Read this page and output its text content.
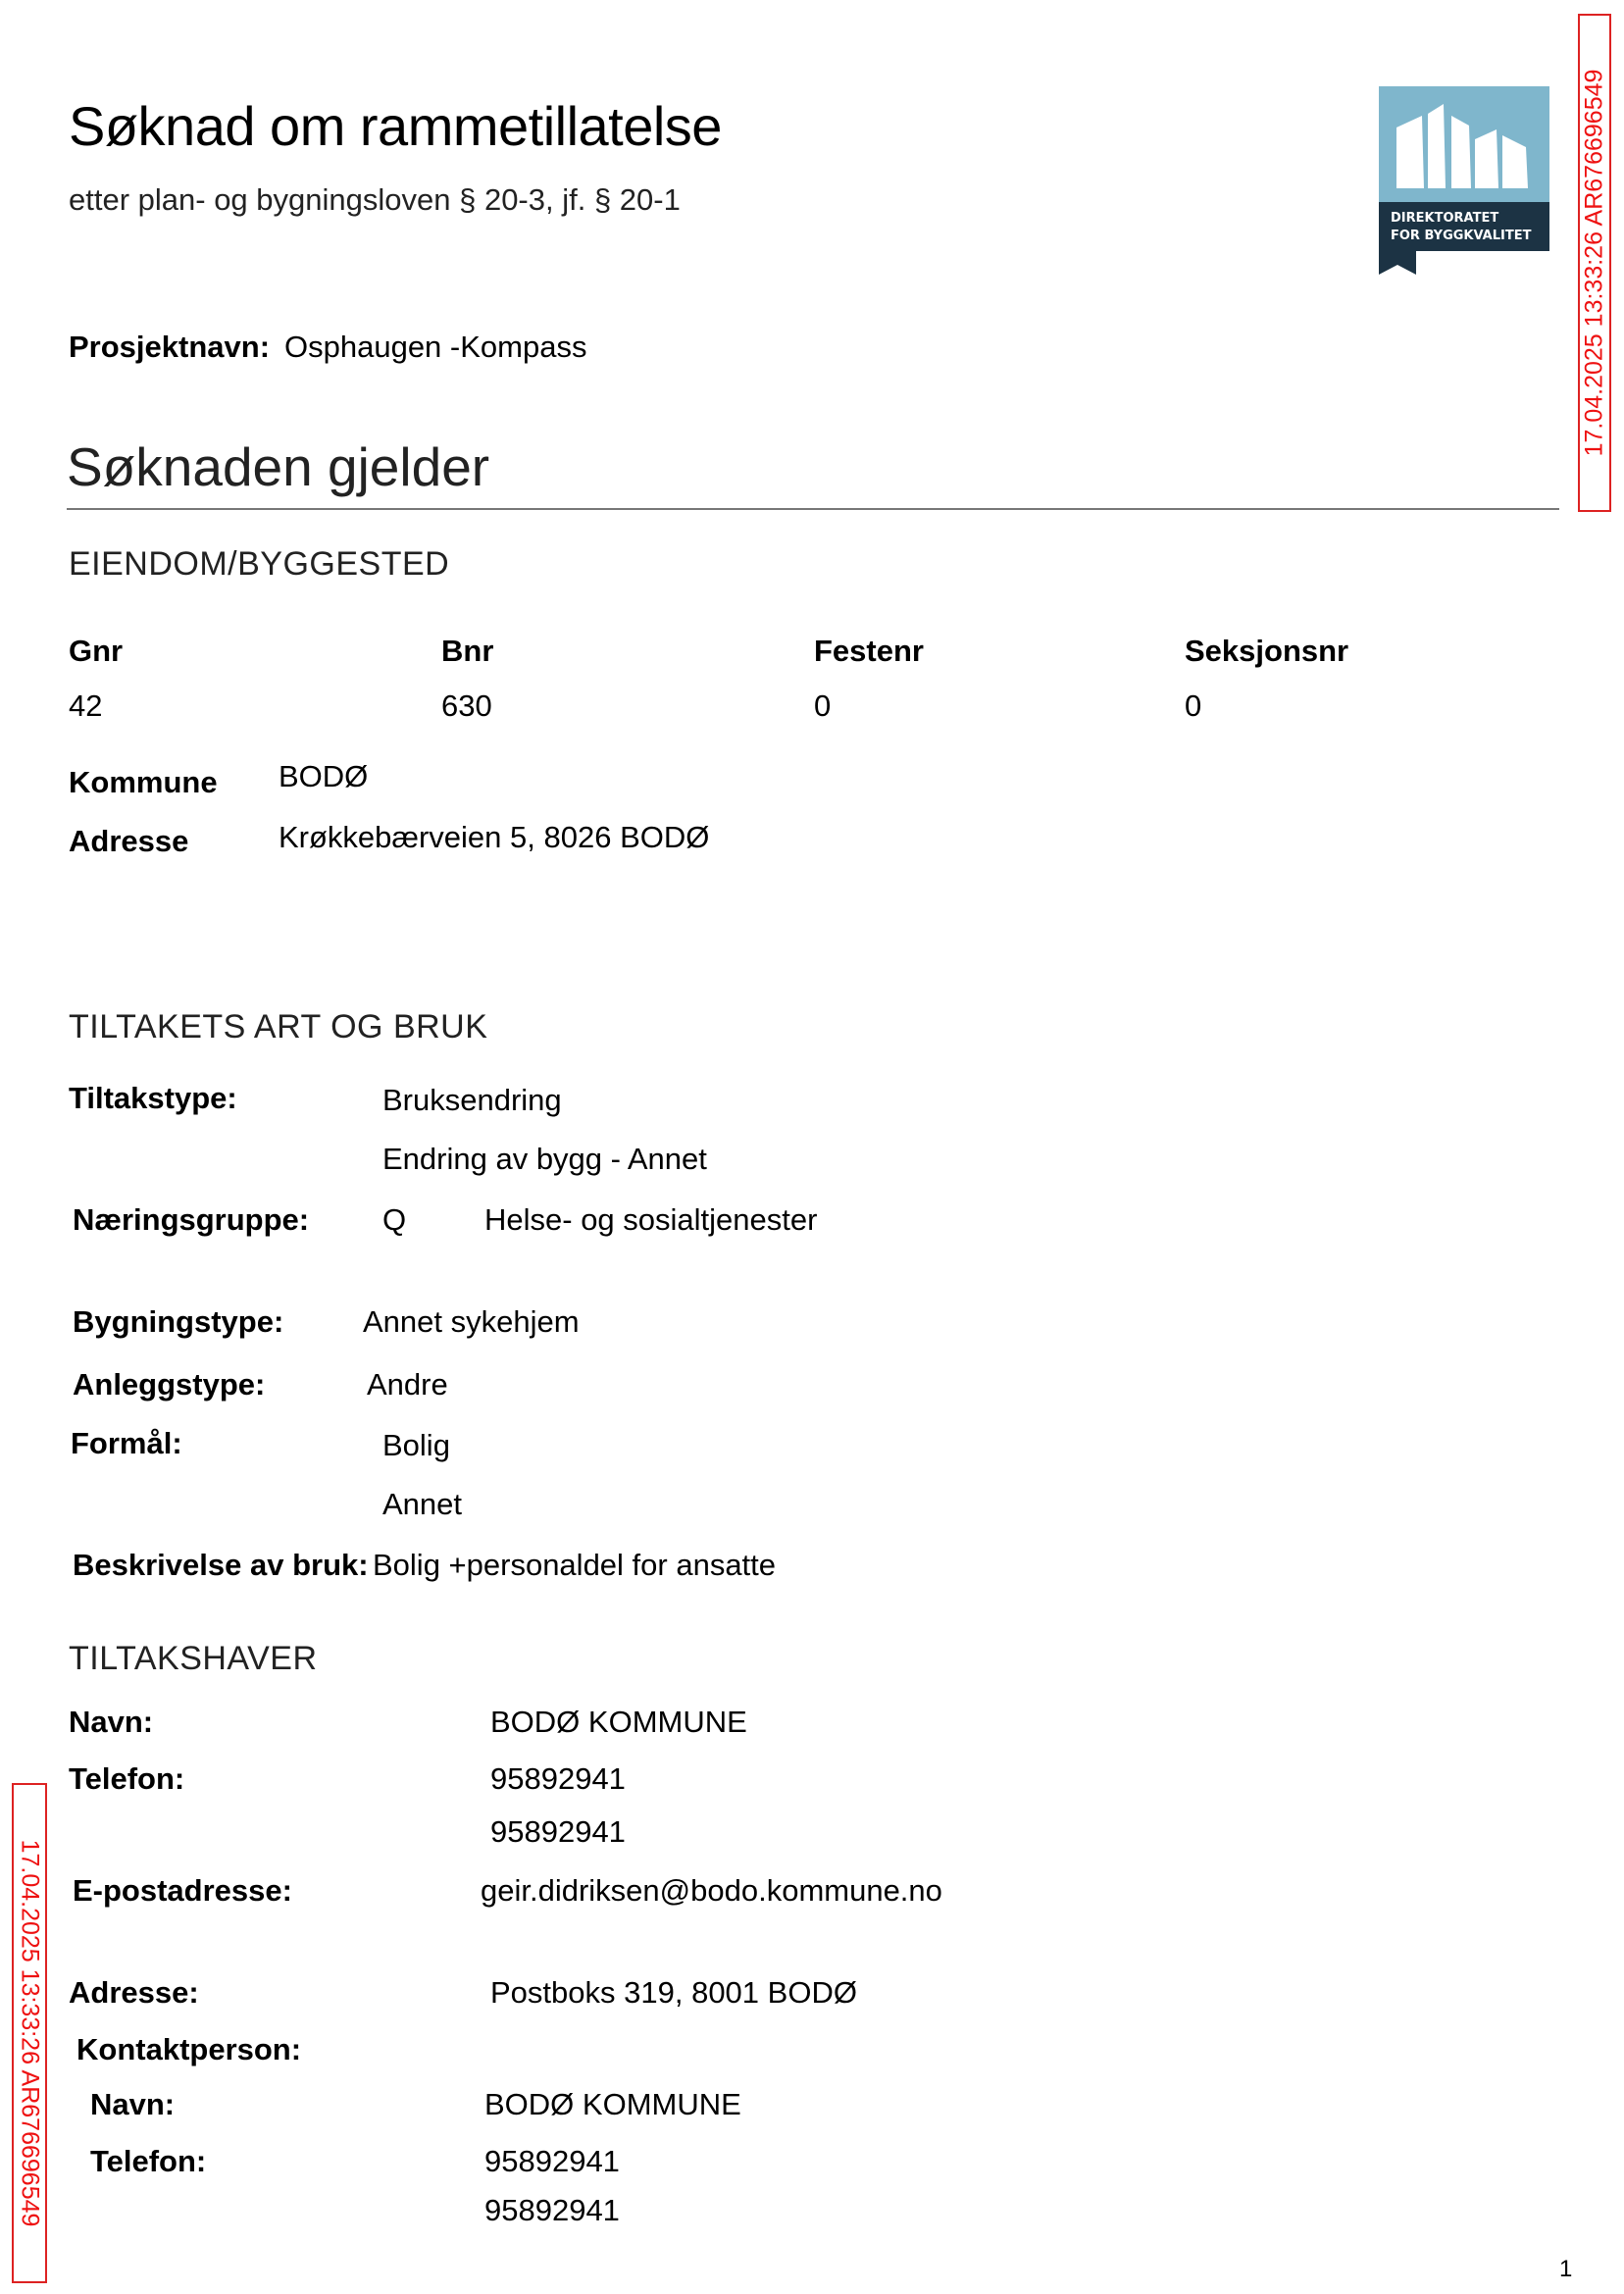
Søknad om rammetillatelse
etter plan- og bygningsloven § 20-3, jf. § 20-1
DIREKTORATET
FOR BYGGKVALITET 17.04.2025 13:33:26 AR676696549
Prosjektnavn: Osphaugen -Kompass
Søknaden gjelder
EIENDOM/BYGGESTED
Gnr	Bnr	Festenr	Seksjonsnr
42	630	0	0
Kommune BODØ
Adresse	Krøkkebærveien 5, 8026 BODØ
TILTAKETS ART OG BRUK
Tiltakstype:	Bruksendring
Endring av bygg - Annet
Næringsgruppe: Q	Helse- og sosialtjenester
Bygningstype:	Annet sykehjem
Anleggstype:	Andre
Formål:	Bolig
Annet
Beskrivelse av bruk: Bolig +personaldel for ansatte
TILTAKSHAVER
Navn:	BODØ KOMMUNE
Telefon:	95892941
95892941
E-postadresse:	geir.didriksen@bodo.kommune.no
Adresse:	Postboks 319, 8001 BODØ
Kontaktperson:
Navn:	BODØ KOMMUNE
Telefon:	95892941
95892941
17.04.2025 13:33:26 AR676696549
1
